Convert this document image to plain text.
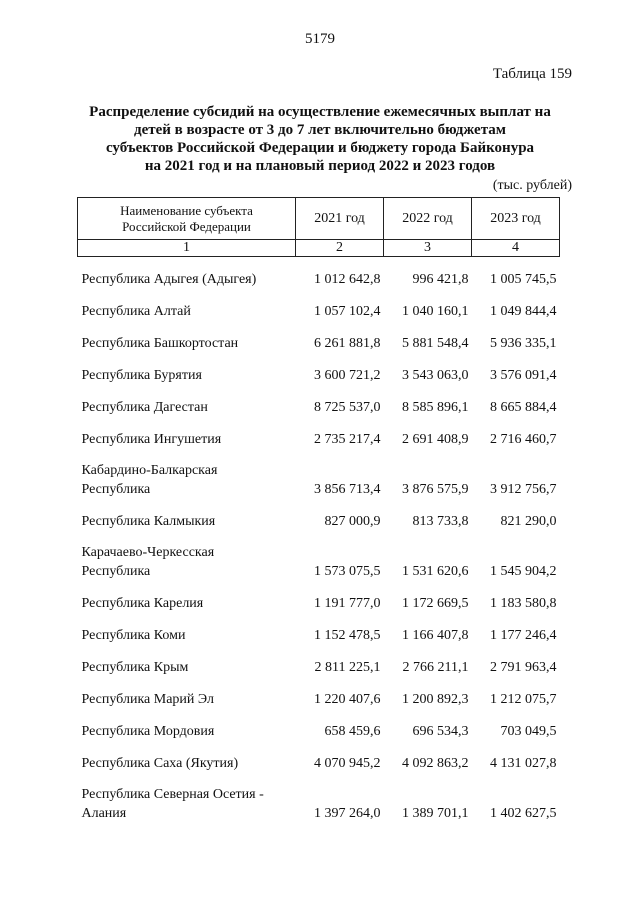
5179
Таблица 159
Распределение субсидий на осуществление ежемесячных выплат на
детей в возрасте от 3 до 7 лет включительно бюджетам
субъектов Российской Федерации и бюджету города Байконура
на 2021 год и на плановый период 2022 и 2023 годов
(тыс. рублей)
Наименование субъекта
Российской Федерации	2021 год	2022 год	2023 год
1	2	3	4

Республика Адыгея (Адыгея)	1 012 642,8	996 421,8	1 005 745,5

Республика Алтай	1 057 102,4	1 040 160,1	1 049 844,4

Республика Башкортостан	6 261 881,8	5 881 548,4	5 936 335,1

Республика Бурятия	3 600 721,2	3 543 063,0	3 576 091,4

Республика Дагестан	8 725 537,0	8 585 896,1	8 665 884,4

Республика Ингушетия	2 735 217,4	2 691 408,9	2 716 460,7

Кабардино-Балкарская
Республика	3 856 713,4	3 876 575,9	3 912 756,7

Республика Калмыкия	827 000,9	813 733,8	821 290,0

Карачаево-Черкесская
Республика	1 573 075,5	1 531 620,6	1 545 904,2

Республика Карелия	1 191 777,0	1 172 669,5	1 183 580,8

Республика Коми	1 152 478,5	1 166 407,8	1 177 246,4

Республика Крым	2 811 225,1	2 766 211,1	2 791 963,4

Республика Марий Эл	1 220 407,6	1 200 892,3	1 212 075,7

Республика Мордовия	658 459,6	696 534,3	703 049,5

Республика Саха (Якутия)	4 070 945,2	4 092 863,2	4 131 027,8

Республика Северная Осетия -
Алания	1 397 264,0	1 389 701,1	1 402 627,5
